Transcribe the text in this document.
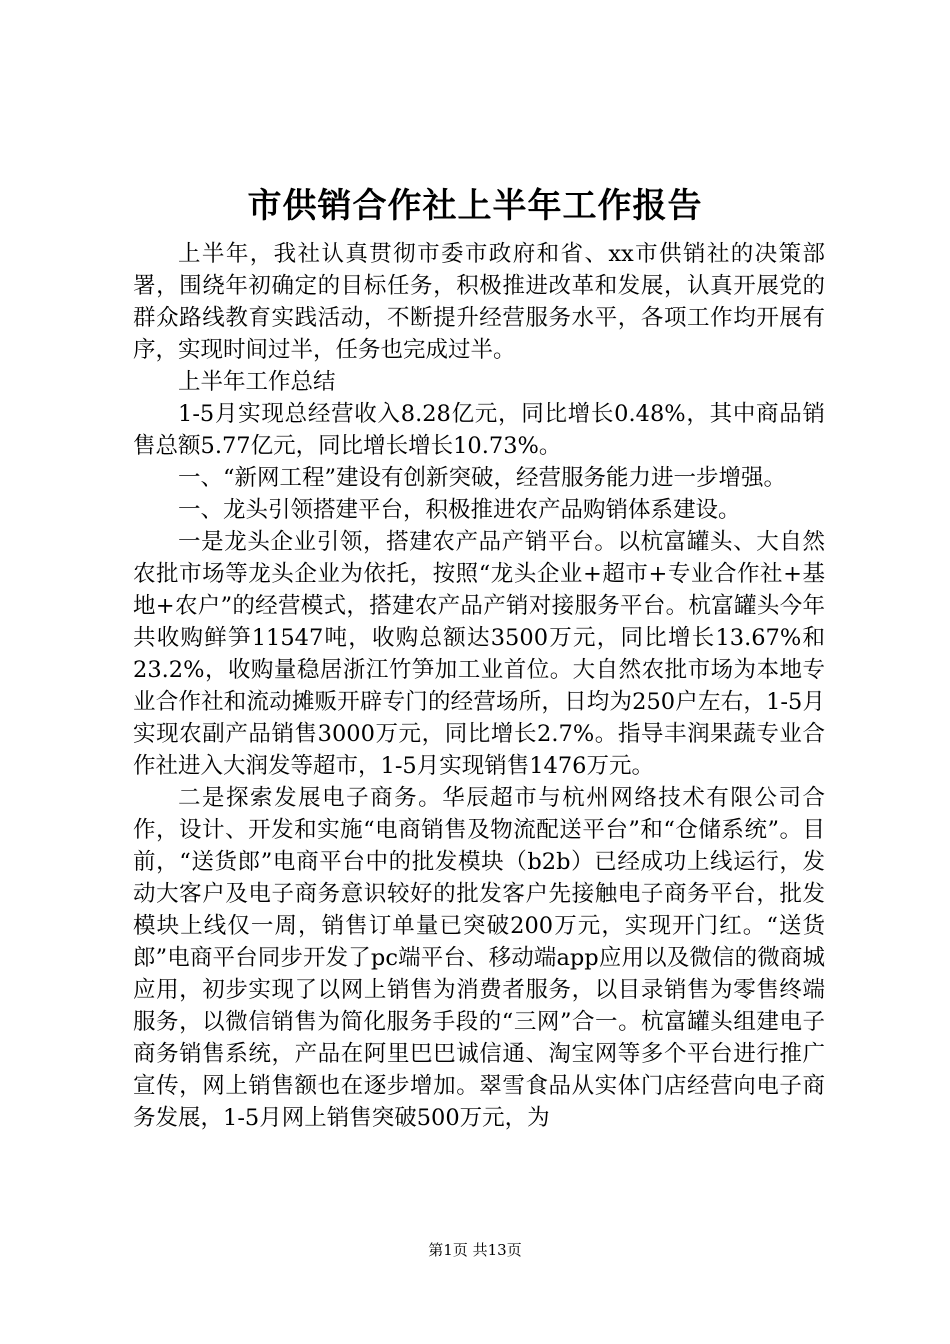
市供销合作社上半年工作报告

上半年，我社认真贯彻市委市政府和省、xx市供销社的决策部署，围绕年初确定的目标任务，积极推进改革和发展，认真开展党的群众路线教育实践活动，不断提升经营服务水平，各项工作均开展有序，实现时间过半，任务也完成过半。

上半年工作总结

1-5月实现总经营收入8.28亿元，同比增长0.48%，其中商品销售总额5.77亿元，同比增长增长10.73%。

一、“新网工程”建设有创新突破，经营服务能力进一步增强。

一、龙头引领搭建平台，积极推进农产品购销体系建设。

一是龙头企业引领，搭建农产品产销平台。以杭富罐头、大自然农批市场等龙头企业为依托，按照“龙头企业+超市+专业合作社+基地+农户”的经营模式，搭建农产品产销对接服务平台。杭富罐头今年共收购鲜笋11547吨，收购总额达3500万元，同比增长13.67%和23.2%，收购量稳居浙江竹笋加工业首位。大自然农批市场为本地专业合作社和流动摊贩开辟专门的经营场所，日均为250户左右，1-5月实现农副产品销售3000万元，同比增长2.7%。指导丰润果蔬专业合作社进入大润发等超市，1-5月实现销售1476万元。

二是探索发展电子商务。华辰超市与杭州网络技术有限公司合作，设计、开发和实施“电商销售及物流配送平台”和“仓储系统”。目前，“送货郎”电商平台中的批发模块（b2b）已经成功上线运行，发动大客户及电子商务意识较好的批发客户先接触电子商务平台，批发模块上线仅一周，销售订单量已突破200万元，实现开门红。“送货郎”电商平台同步开发了pc端平台、移动端app应用以及微信的微商城应用，初步实现了以网上销售为消费者服务，以目录销售为零售终端服务，以微信销售为简化服务手段的“三网”合一。杭富罐头组建电子商务销售系统，产品在阿里巴巴诚信通、淘宝网等多个平台进行推广宣传，网上销售额也在逐步增加。翠雪食品从实体门店经营向电子商务发展，1-5月网上销售突破500万元，为

第1页 共13页
